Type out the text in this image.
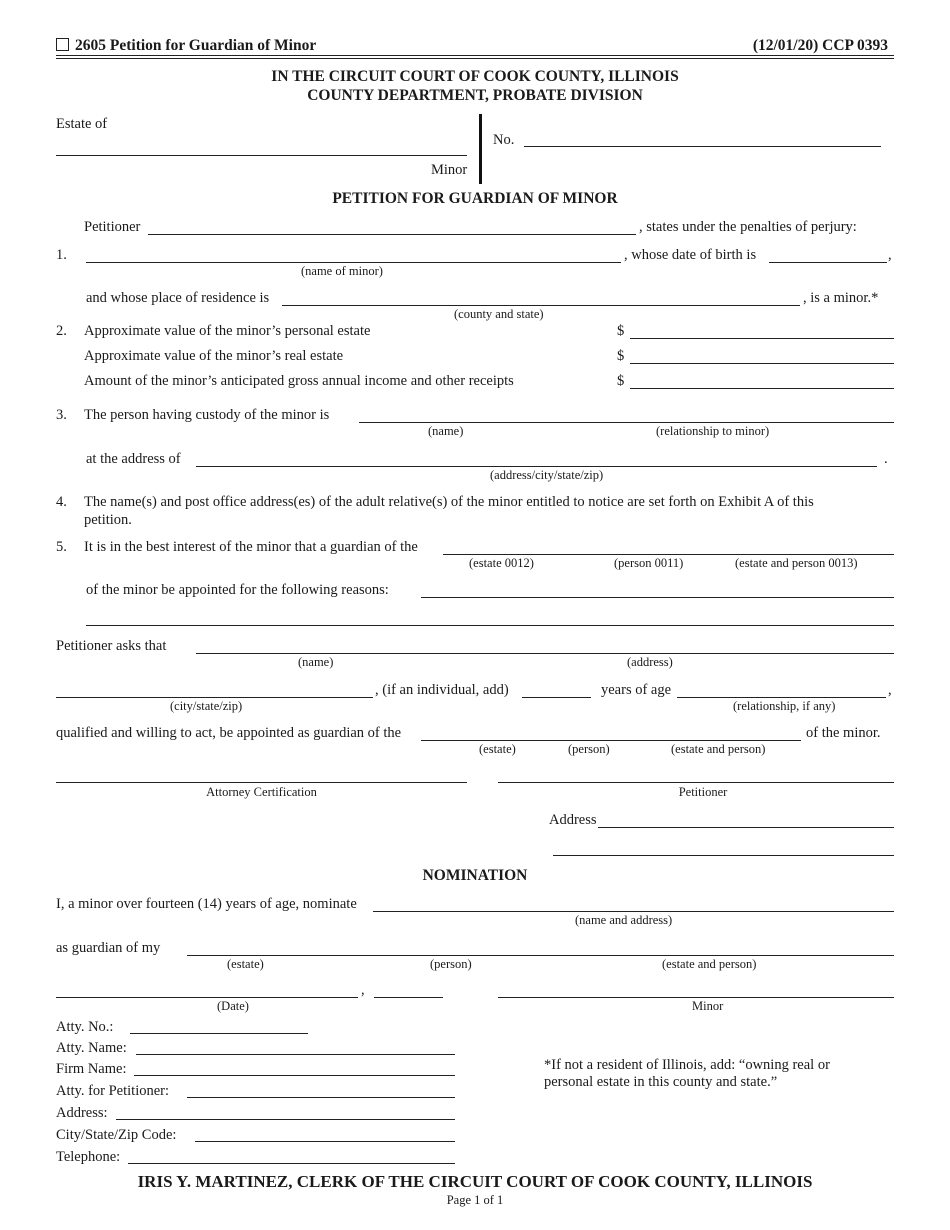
2605 Petition for Guardian of Minor	(12/01/20) CCP 0393
IN THE CIRCUIT COURT OF COOK COUNTY, ILLINOIS
COUNTY DEPARTMENT, PROBATE DIVISION
Estate of
Minor
No.
PETITION FOR GUARDIAN OF MINOR
Petitioner	, states under the penalties of perjury:
1.	, whose date of birth is	,
(name of minor)
and whose place of residence is	, is a minor.*
(county and state)
2. Approximate value of the minor’s personal estate	$
Approximate value of the minor’s real estate	$
Amount of the minor’s anticipated gross annual income and other receipts	$
3. The person having custody of the minor is
(name)	(relationship to minor)
at the address of	.
(address/city/state/zip)
4. The name(s) and post office address(es) of the adult relative(s) of the minor entitled to notice are set forth on Exhibit A of this
petition.
5. It is in the best interest of the minor that a guardian of the
(estate 0012)	(person 0011)	(estate and person 0013)
of the minor be appointed for the following reasons:
Petitioner asks that
(name)	(address)
, (if an individual, add)	years of age	,
(city/state/zip)	(relationship, if any)
qualified and willing to act, be appointed as guardian of the	of the minor.
(estate)	(person)	(estate and person)
Attorney Certification	Petitioner
Address
NOMINATION
I, a minor over fourteen (14) years of age, nominate
(name and address)
as guardian of my
(estate)	(person)	(estate and person)
,
(Date)	Minor
Atty. No.:
Atty. Name:
Firm Name:
Atty. for Petitioner:
Address:
City/State/Zip Code:
Telephone:
*If not a resident of Illinois, add: “owning real or
personal estate in this county and state.”
IRIS Y. MARTINEZ, CLERK OF THE CIRCUIT COURT OF COOK COUNTY, ILLINOIS
Page 1 of 1
